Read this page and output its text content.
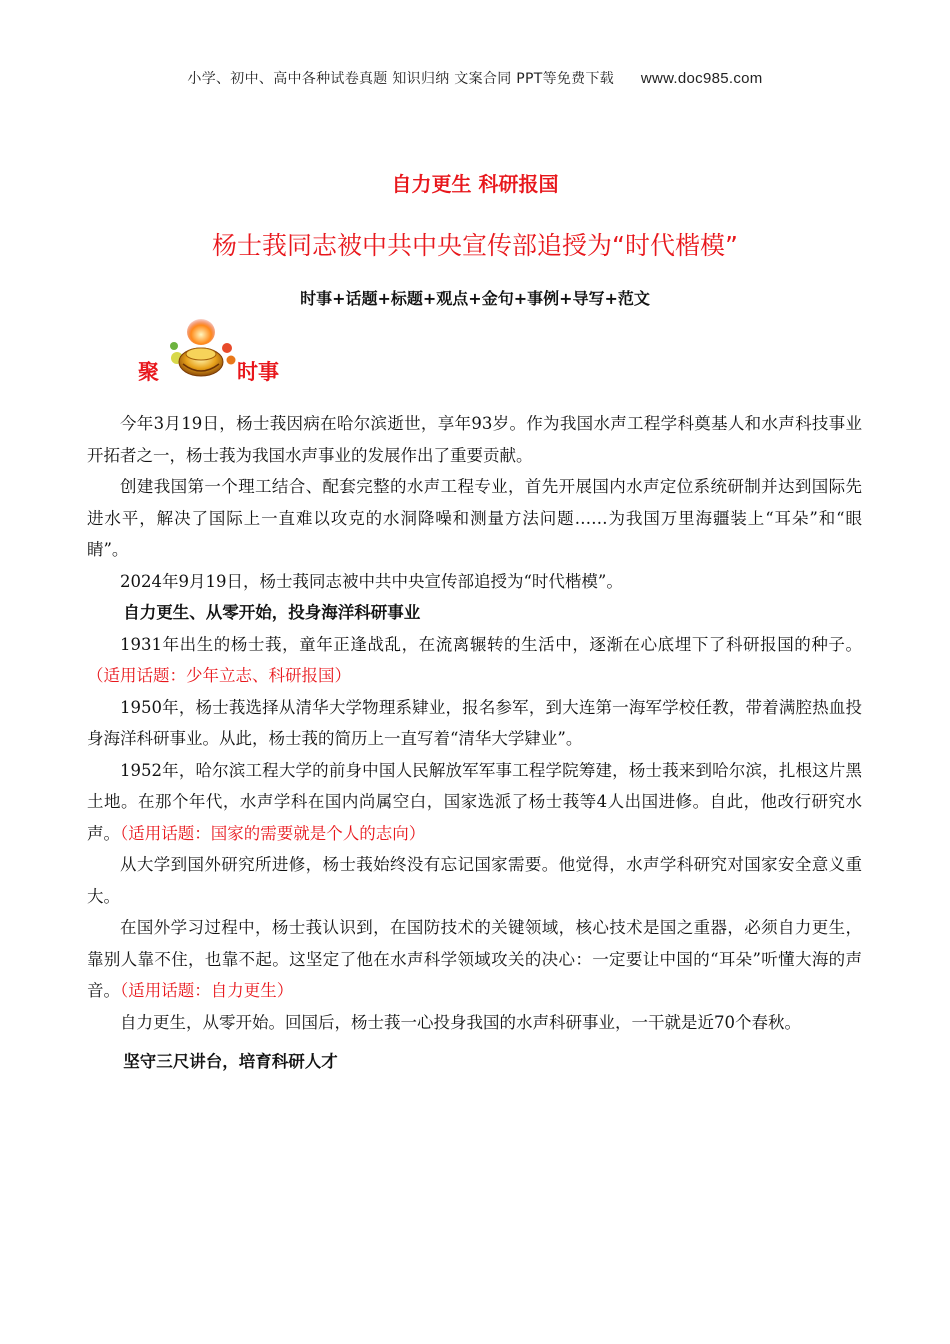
小学、初中、高中各种试卷真题 知识归纳 文案合同 PPT等免费下载 www.doc985.com
自力更生 科研报国
杨士莪同志被中共中央宣传部追授为“时代楷模”
时事+话题+标题+观点+金句+事例+导写+范文
聚	时事

今年3月19日，杨士莪因病在哈尔滨逝世，享年93岁。作为我国水声工程学科奠基人和水声科技事业开拓者之一，杨士莪为我国水声事业的发展作出了重要贡献。

创建我国第一个理工结合、配套完整的水声工程专业，首先开展国内水声定位系统研制并达到国际先进水平，解决了国际上一直难以攻克的水洞降噪和测量方法问题……为我国万里海疆装上“耳朵”和“眼睛”。

2024年9月19日，杨士莪同志被中共中央宣传部追授为“时代楷模”。

自力更生、从零开始，投身海洋科研事业

1931年出生的杨士莪，童年正逢战乱，在流离辗转的生活中，逐渐在心底埋下了科研报国的种子。（适用话题：少年立志、科研报国）

1950年，杨士莪选择从清华大学物理系肄业，报名参军，到大连第一海军学校任教，带着满腔热血投身海洋科研事业。从此，杨士莪的简历上一直写着“清华大学肄业”。

1952年，哈尔滨工程大学的前身中国人民解放军军事工程学院筹建，杨士莪来到哈尔滨，扎根这片黑土地。在那个年代，水声学科在国内尚属空白，国家选派了杨士莪等4人出国进修。自此，他改行研究水声。（适用话题：国家的需要就是个人的志向）

从大学到国外研究所进修，杨士莪始终没有忘记国家需要。他觉得，水声学科研究对国家安全意义重大。

在国外学习过程中，杨士莪认识到，在国防技术的关键领域，核心技术是国之重器，必须自力更生，靠别人靠不住，也靠不起。这坚定了他在水声科学领域攻关的决心：一定要让中国的“耳朵”听懂大海的声音。（适用话题：自力更生）

自力更生，从零开始。回国后，杨士莪一心投身我国的水声科研事业，一干就是近70个春秋。

坚守三尺讲台，培育科研人才
